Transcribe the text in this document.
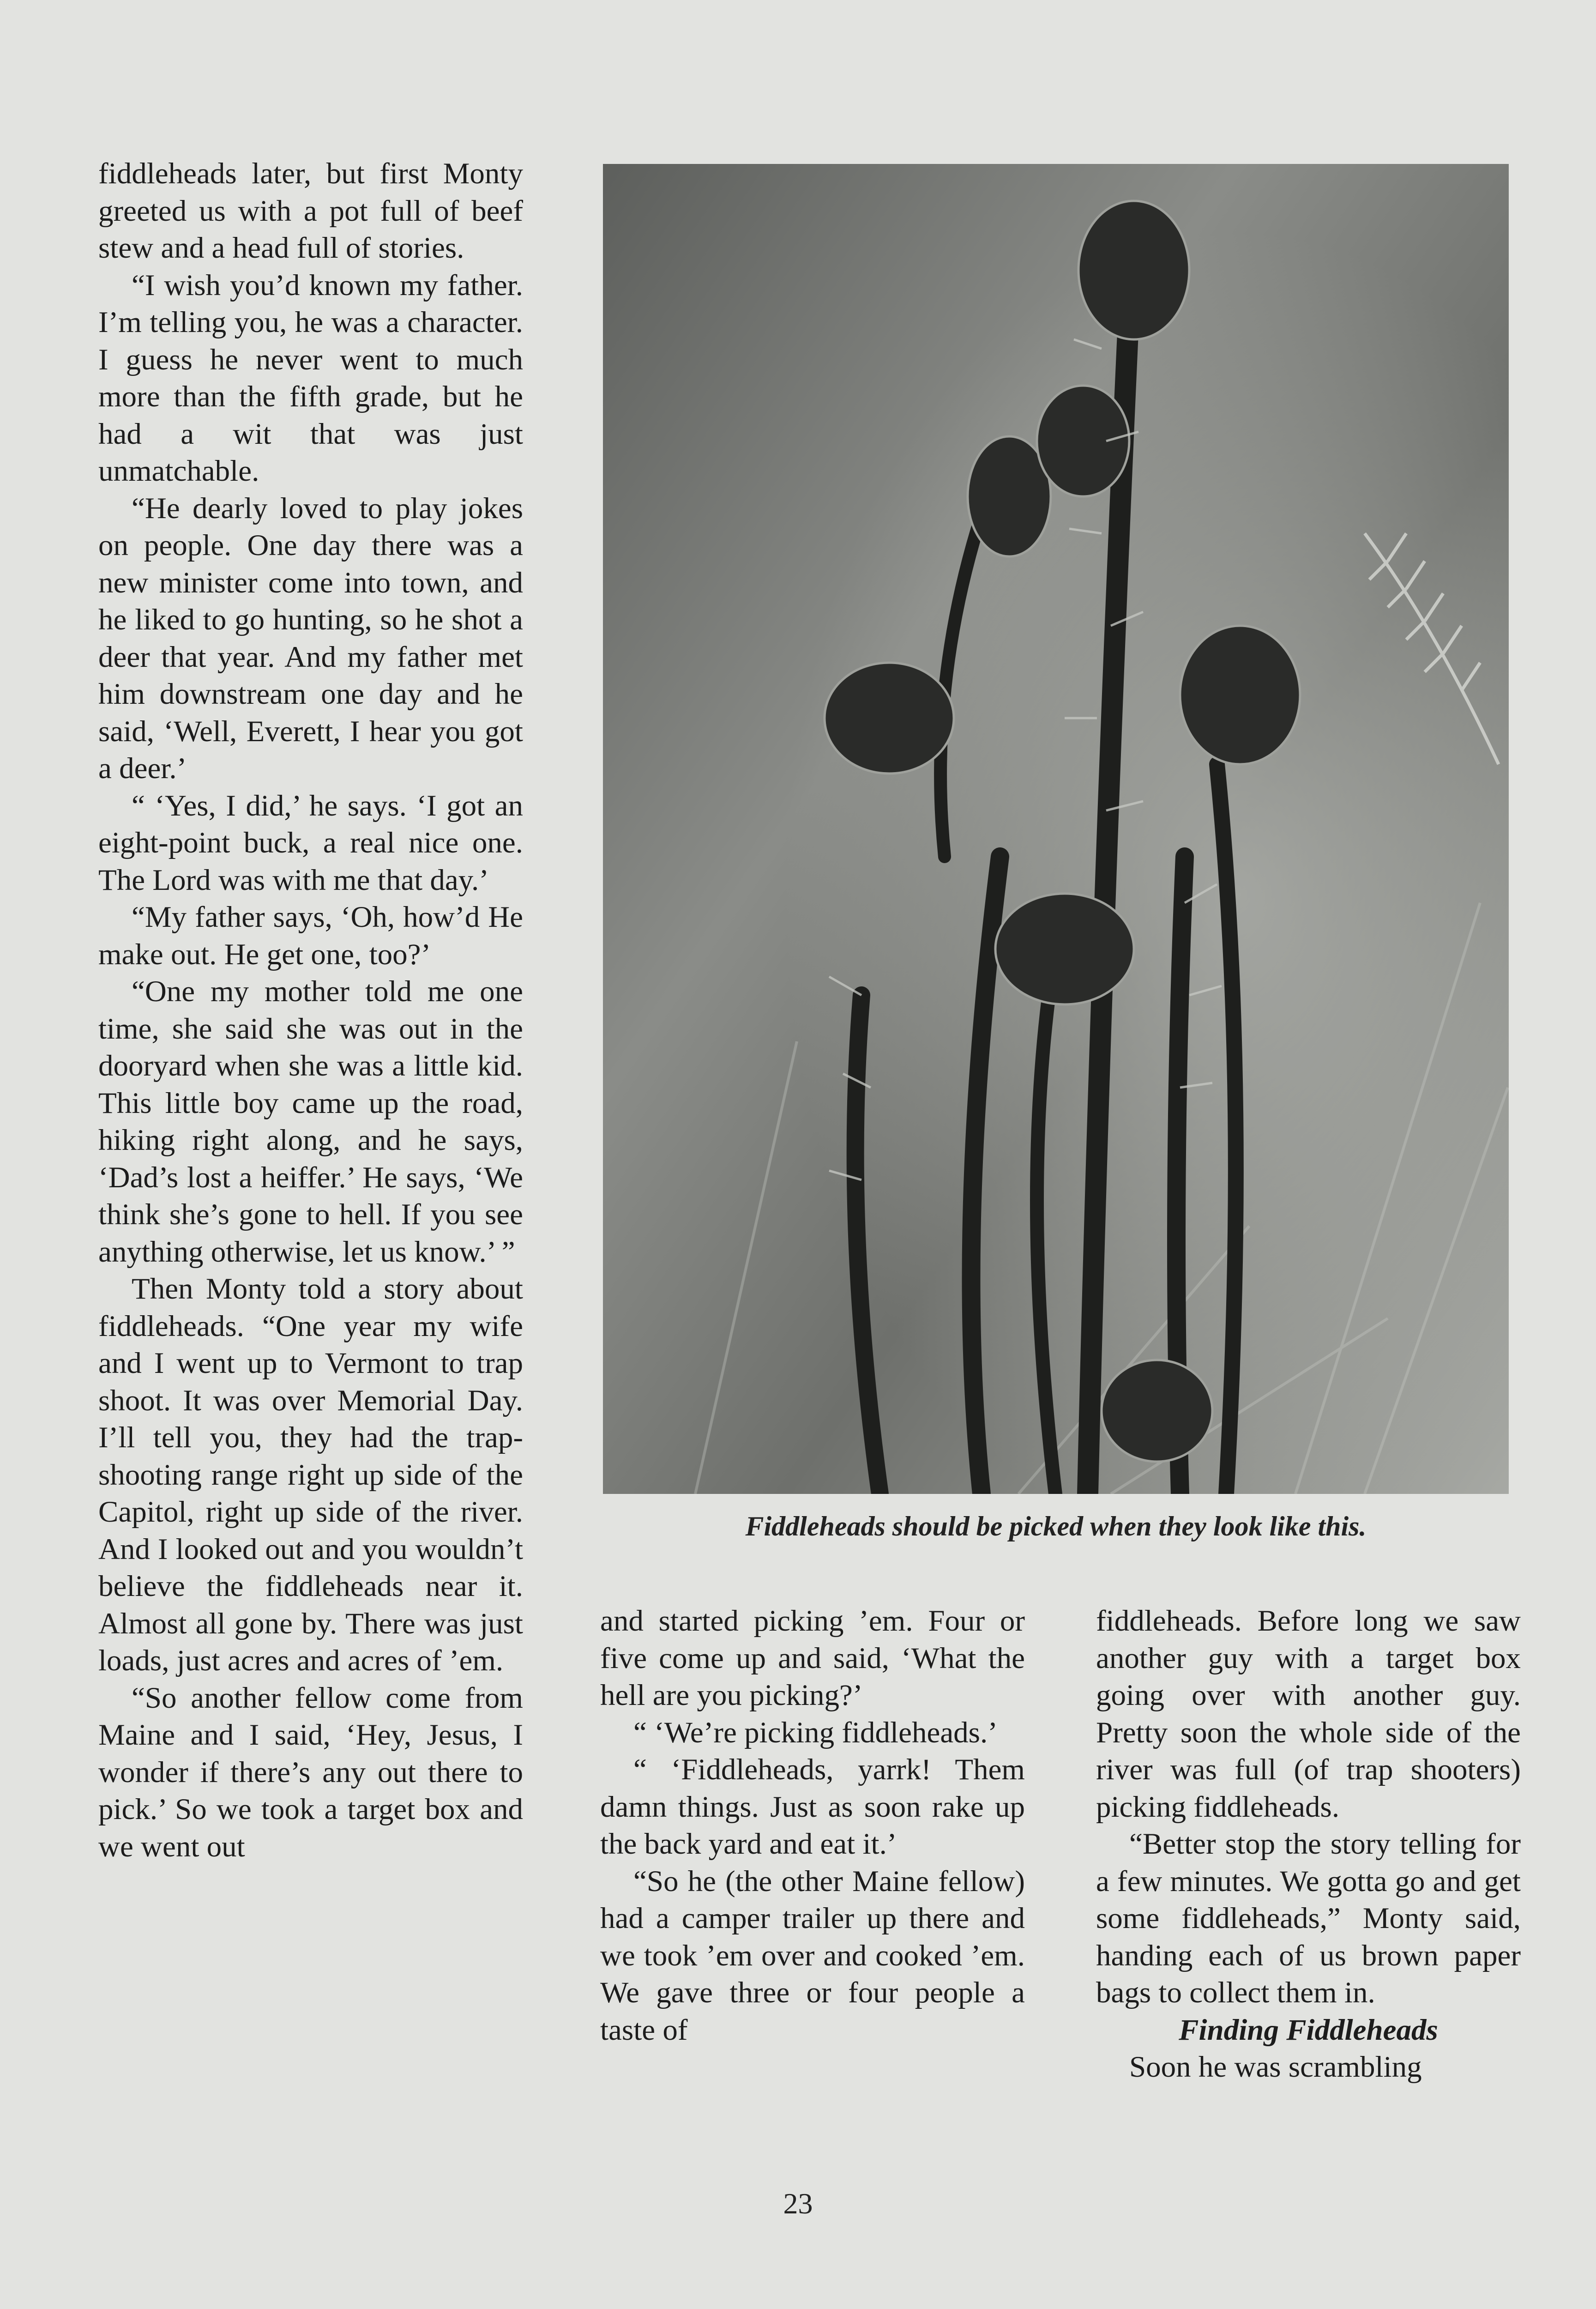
fiddleheads later, but first Monty greeted us with a pot full of beef stew and a head full of stories.

“I wish you’d known my father. I’m telling you, he was a character. I guess he never went to much more than the fifth grade, but he had a wit that was just unmatchable.

“He dearly loved to play jokes on people. One day there was a new minister come into town, and he liked to go hunting, so he shot a deer that year. And my father met him downstream one day and he said, ‘Well, Everett, I hear you got a deer.’

“ ‘Yes, I did,’ he says. ‘I got an eight-point buck, a real nice one. The Lord was with me that day.’

“My father says, ‘Oh, how’d He make out. He get one, too?’

“One my mother told me one time, she said she was out in the dooryard when she was a little kid. This little boy came up the road, hiking right along, and he says, ‘Dad’s lost a heiffer.’ He says, ‘We think she’s gone to hell. If you see anything otherwise, let us know.’ ”

Then Monty told a story about fiddleheads. “One year my wife and I went up to Vermont to trap shoot. It was over Memorial Day. I’ll tell you, they had the trapshooting range right up side of the Capitol, right up side of the river. And I looked out and you wouldn’t believe the fiddleheads near it. Almost all gone by. There was just loads, just acres and acres of ’em.

“So another fellow come from Maine and I said, ‘Hey, Jesus, I wonder if there’s any out there to pick.’ So we took a target box and we went out

Fiddleheads should be picked when they look like this.

and started picking ’em. Four or five come up and said, ‘What the hell are you picking?’

“ ‘We’re picking fiddleheads.’

“ ‘Fiddleheads, yarrk! Them damn things. Just as soon rake up the back yard and eat it.’

“So he (the other Maine fellow) had a camper trailer up there and we took ’em over and cooked ’em. We gave three or four people a taste of

fiddleheads. Before long we saw another guy with a target box going over with another guy. Pretty soon the whole side of the river was full (of trap shooters) picking fiddleheads.

“Better stop the story telling for a few minutes. We gotta go and get some fiddleheads,” Monty said, handing each of us brown paper bags to collect them in.

Finding Fiddleheads

Soon he was scrambling

23
